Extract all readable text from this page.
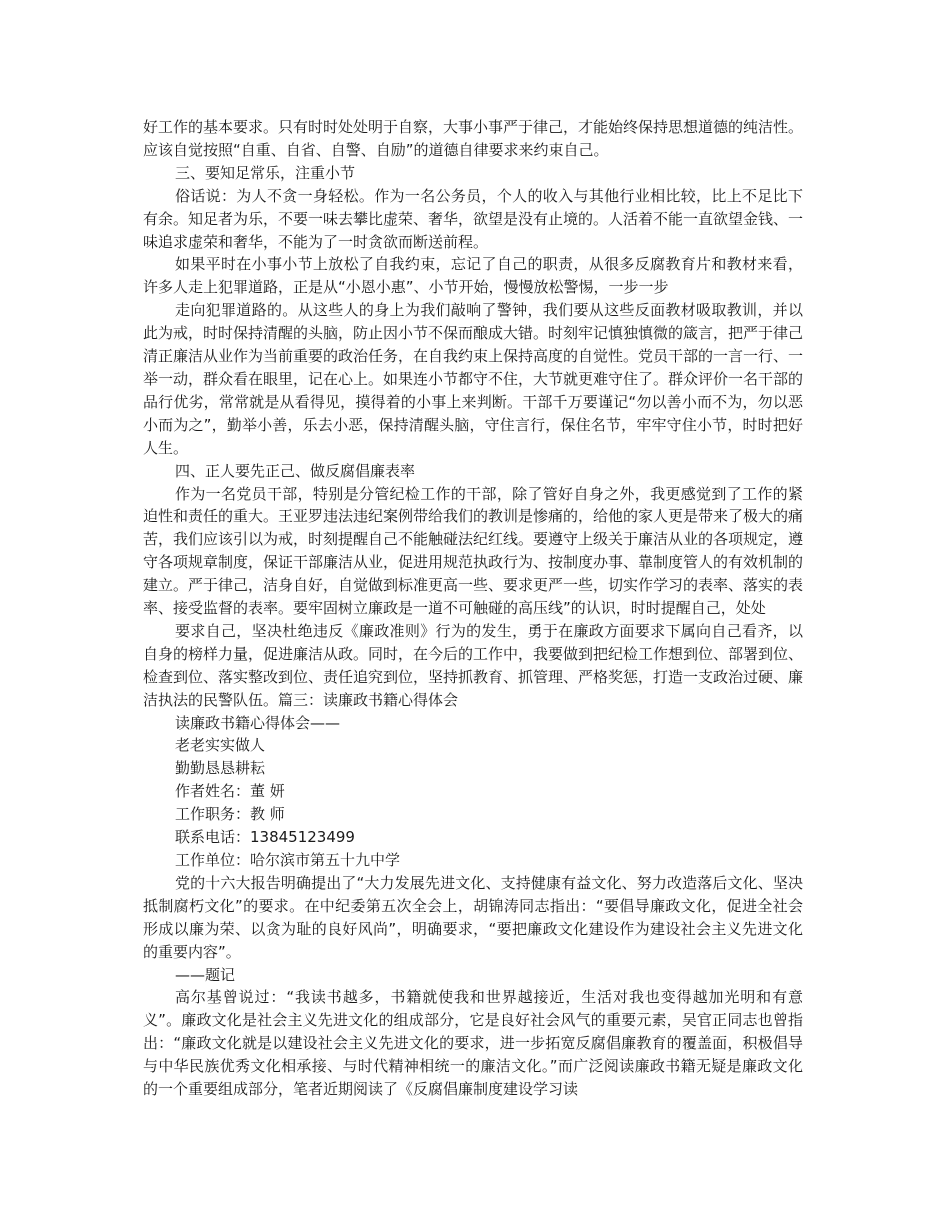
好工作的基本要求。只有时时处处明于自察，大事小事严于律己，才能始终保持思想道德的纯洁性。应该自觉按照“自重、自省、自警、自励”的道德自律要求来约束自己。

三、要知足常乐，注重小节

俗话说：为人不贪一身轻松。作为一名公务员，个人的收入与其他行业相比较，比上不足比下有余。知足者为乐，不要一味去攀比虚荣、奢华，欲望是没有止境的。人活着不能一直欲望金钱、一味追求虚荣和奢华，不能为了一时贪欲而断送前程。

如果平时在小事小节上放松了自我约束，忘记了自己的职责，从很多反腐教育片和教材来看，许多人走上犯罪道路，正是从“小恩小惠”、小节开始，慢慢放松警惕，一步一步

走向犯罪道路的。从这些人的身上为我们敲响了警钟，我们要从这些反面教材吸取教训，并以此为戒，时时保持清醒的头脑，防止因小节不保而酿成大错。时刻牢记慎独慎微的箴言，把严于律己清正廉洁从业作为当前重要的政治任务，在自我约束上保持高度的自觉性。党员干部的一言一行、一举一动，群众看在眼里，记在心上。如果连小节都守不住，大节就更难守住了。群众评价一名干部的品行优劣，常常就是从看得见，摸得着的小事上来判断。干部千万要谨记“勿以善小而不为，勿以恶小而为之”，勤举小善，乐去小恶，保持清醒头脑，守住言行，保住名节，牢牢守住小节，时时把好人生。

四、正人要先正己、做反腐倡廉表率

作为一名党员干部，特别是分管纪检工作的干部，除了管好自身之外，我更感觉到了工作的紧迫性和责任的重大。王亚罗违法违纪案例带给我们的教训是惨痛的，给他的家人更是带来了极大的痛苦，我们应该引以为戒，时刻提醒自己不能触碰法纪红线。要遵守上级关于廉洁从业的各项规定，遵守各项规章制度，保证干部廉洁从业，促进用规范执政行为、按制度办事、靠制度管人的有效机制的建立。严于律己，洁身自好，自觉做到标准更高一些、要求更严一些，切实作学习的表率、落实的表率、接受监督的表率。要牢固树立廉政是一道不可触碰的高压线”的认识，时时提醒自己，处处

要求自己，坚决杜绝违反《廉政准则》行为的发生，勇于在廉政方面要求下属向自己看齐，以自身的榜样力量，促进廉洁从政。同时，在今后的工作中，我要做到把纪检工作想到位、部署到位、检查到位、落实整改到位、责任追究到位，坚持抓教育、抓管理、严格奖惩，打造一支政治过硬、廉洁执法的民警队伍。篇三：读廉政书籍心得体会

读廉政书籍心得体会——

老老实实做人

勤勤恳恳耕耘

作者姓名：董 妍

工作职务：教 师

联系电话：13845123499

工作单位：哈尔滨市第五十九中学

党的十六大报告明确提出了“大力发展先进文化、支持健康有益文化、努力改造落后文化、坚决抵制腐朽文化”的要求。在中纪委第五次全会上，胡锦涛同志指出：“要倡导廉政文化，促进全社会形成以廉为荣、以贪为耻的良好风尚”，明确要求，“要把廉政文化建设作为建设社会主义先进文化的重要内容”。

——题记

高尔基曾说过：“我读书越多，书籍就使我和世界越接近，生活对我也变得越加光明和有意义”。廉政文化是社会主义先进文化的组成部分，它是良好社会风气的重要元素，吴官正同志也曾指出：“廉政文化就是以建设社会主义先进文化的要求，进一步拓宽反腐倡廉教育的覆盖面，积极倡导与中华民族优秀文化相承接、与时代精神相统一的廉洁文化。”而广泛阅读廉政书籍无疑是廉政文化的一个重要组成部分，笔者近期阅读了《反腐倡廉制度建设学习读
